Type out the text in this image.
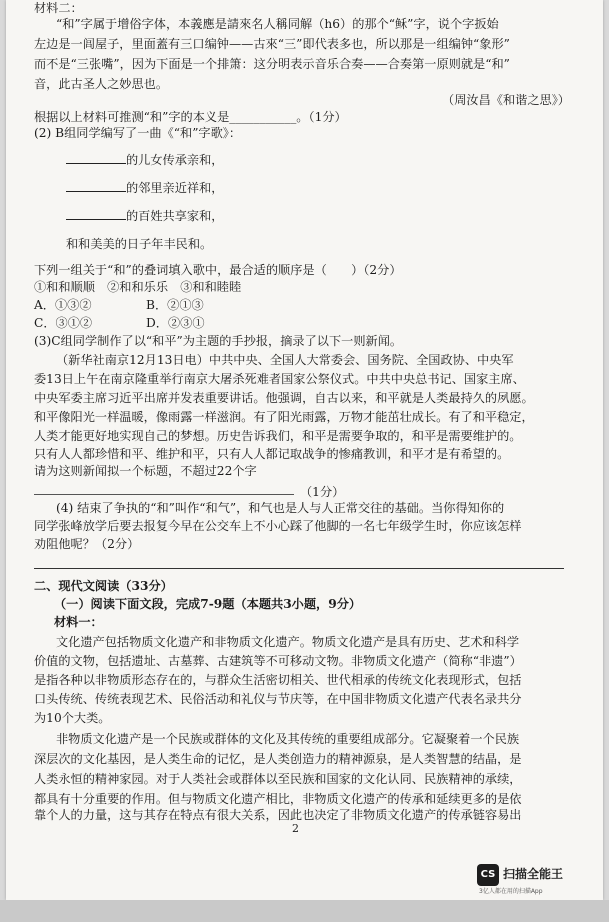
材料二：
“和”字属于增俗字体，本義應是請來名人稱同解（h6）的那个“稣”字，说个字扳始
左边是一闾屋子，里面蓋有三口编钟——古來“三”即代表多也，所以那是一组编钟“象形”
而不是“三张嘴”，因为下面是一个排箫：这分明表示音乐合奏——合奏第一原则就是“和”
音，此古圣人之妙思也。
（周汝昌《和谐之思》）
根据以上材料可推测“和”字的本义是___________。（1分）
(2) B组同学编写了一曲《“和”字歌》：
的儿女传承亲和，
的邻里亲近祥和，
的百姓共享家和，
和和美美的日子年丰民和。
下列一组关于“和”的叠词填入歌中，最合适的顺序是（　　）（2分）
①和和顺顺　②和和乐乐　③和和睦睦
A．①③②	B．②①③
C．③①②	D．②③①
(3)C组同学制作了以“和平”为主题的手抄报，摘录了以下一则新闻。
（新华社南京12月13日电）中共中央、全国人大常委会、国务院、全国政协、中央军
委13日上午在南京隆重举行南京大屠杀死难者国家公祭仪式。中共中央总书记、国家主席、
中央军委主席习近平出席并发表重要讲话。他强调，自古以来，和平就是人类最持久的夙愿。
和平像阳光一样温暖，像雨露一样滋润。有了阳光雨露，万物才能茁壮成长。有了和平稳定，
人类才能更好地实现自己的梦想。历史告诉我们，和平是需要争取的，和平是需要维护的。
只有人人都珍惜和平、维护和平，只有人人都记取战争的惨痛教训，和平才是有希望的。
请为这则新闻拟一个标题，不超过22个字
（1分）
(4) 结束了争执的“和”叫作“和气”，和气也是人与人正常交往的基础。当你得知你的
同学张峰放学后要去报复今早在公交车上不小心踩了他脚的一名七年级学生时，你应该怎样
劝阻他呢？（2分）
二、现代文阅读（33分）
（一）阅读下面文段，完成7-9题（本题共3小题，9分）
材料一：
文化遗产包括物质文化遗产和非物质文化遗产。物质文化遗产是具有历史、艺术和科学
价值的文物，包括遗址、古墓葬、古建筑等不可移动文物。非物质文化遗产（简称“非遗”）
是指各种以非物质形态存在的，与群众生活密切相关、世代相承的传统文化表现形式，包括
口头传统、传统表现艺术、民俗活动和礼仪与节庆等，在中国非物质文化遗产代表名录共分
为10个大类。
非物质文化遗产是一个民族或群体的文化及其传统的重要组成部分。它凝聚着一个民族
深层次的文化基因，是人类生命的记忆，是人类创造力的精神源泉，是人类智慧的结晶，是
人类永恒的精神家园。对于人类社会或群体以至民族和国家的文化认同、民族精神的承续，
都具有十分重要的作用。但与物质文化遗产相比，非物质文化遗产的传承和延续更多的是依
靠个人的力量，这与其存在特点有很大关系，因此也决定了非物质文化遗产的传承链容易出
2
CS 扫描全能王
3亿人都在用的扫描App
